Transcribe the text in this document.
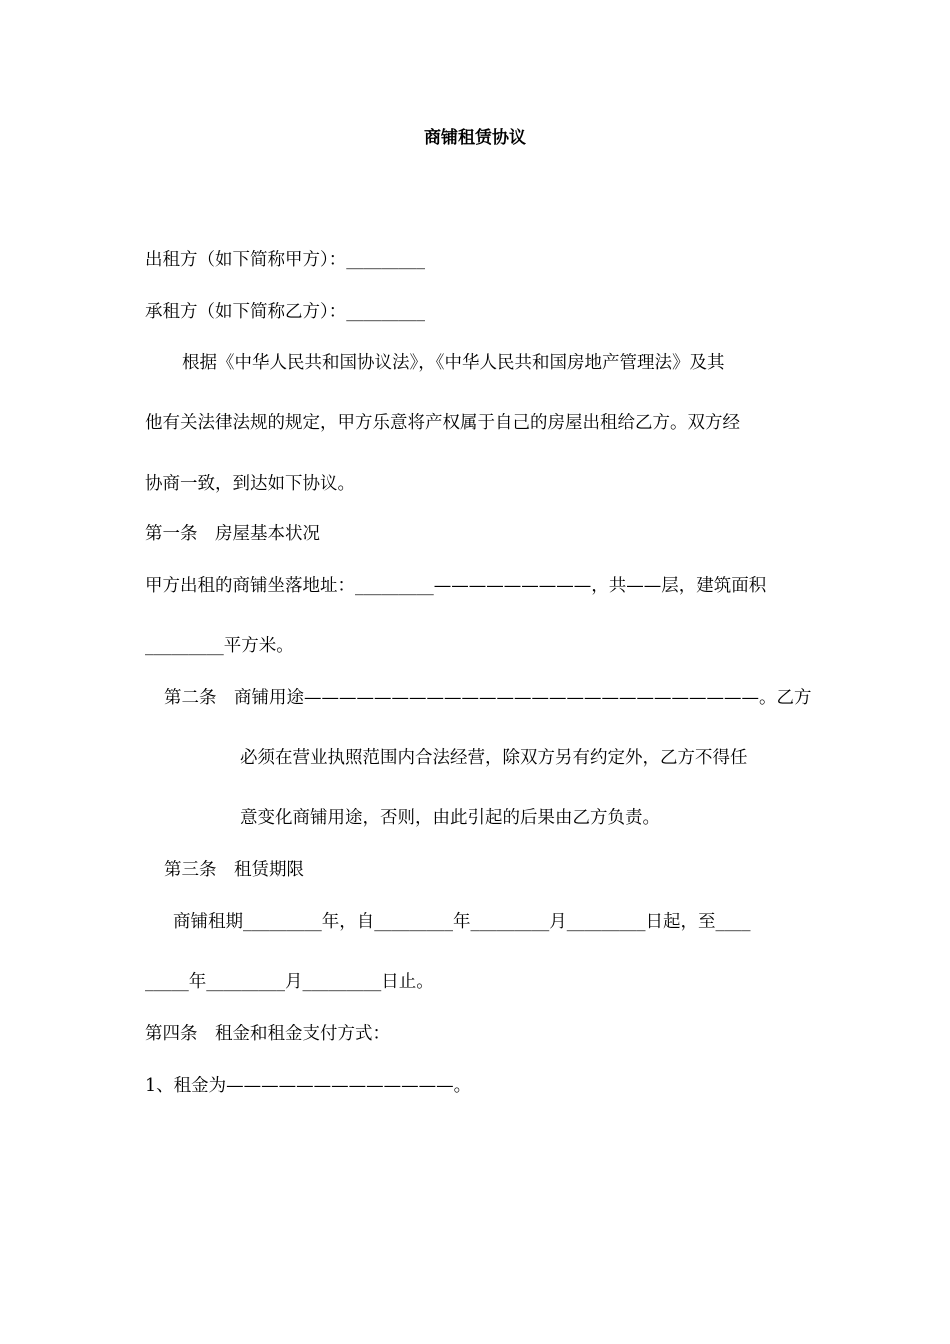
商铺租赁协议
出租方（如下简称甲方）：_________
承租方（如下简称乙方）：_________
根据《中华人民共和国协议法》，《中华人民共和国房地产管理法》及其
他有关法律法规的规定，甲方乐意将产权属于自己的房屋出租给乙方。双方经
协商一致，到达如下协议。
第一条　房屋基本状况
甲方出租的商铺坐落地址：_________—————————，共——层，建筑面积
_________平方米。
第二条　商铺用途——————————————————————————。乙方
必须在营业执照范围内合法经营，除双方另有约定外，乙方不得任
意变化商铺用途，否则，由此引起的后果由乙方负责。
第三条　租赁期限
商铺租期_________年，自_________年_________月_________日起，至____
_____年_________月_________日止。
第四条　租金和租金支付方式：
1、租金为—————————————。
